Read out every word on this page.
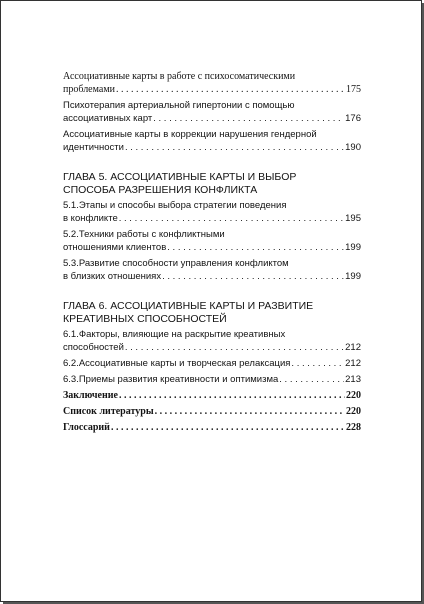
Ассоциативные карты в работе с психосоматическими
проблемами . . .	175
Психотерапия артериальной гипертонии с помощью
ассоциативных карт . . .	176
Ассоциативные карты в коррекции нарушения гендерной
идентичности . . .	190
ГЛАВА 5. АССОЦИАТИВНЫЕ КАРТЫ И ВЫБОР
СПОСОБА РАЗРЕШЕНИЯ КОНФЛИКТА
5.1.Этапы и способы выбора стратегии поведения
в конфликте . . .	195
5.2.Техники работы с конфликтными
отношениями клиентов . . .	199
5.3.Развитие способности управления конфликтом
в близких отношениях . . .	199
ГЛАВА 6. АССОЦИАТИВНЫЕ КАРТЫ И РАЗВИТИЕ
КРЕАТИВНЫХ СПОСОБНОСТЕЙ
6.1.Факторы, влияющие на раскрытие креативных
способностей . . .	212
6.2.Ассоциативные карты и творческая релаксация . . .	212
6.3.Приемы развития креативности и оптимизма . . .	213
Заключение . . .	220
Список литературы . . .	220
Глоссарий . . .	228
